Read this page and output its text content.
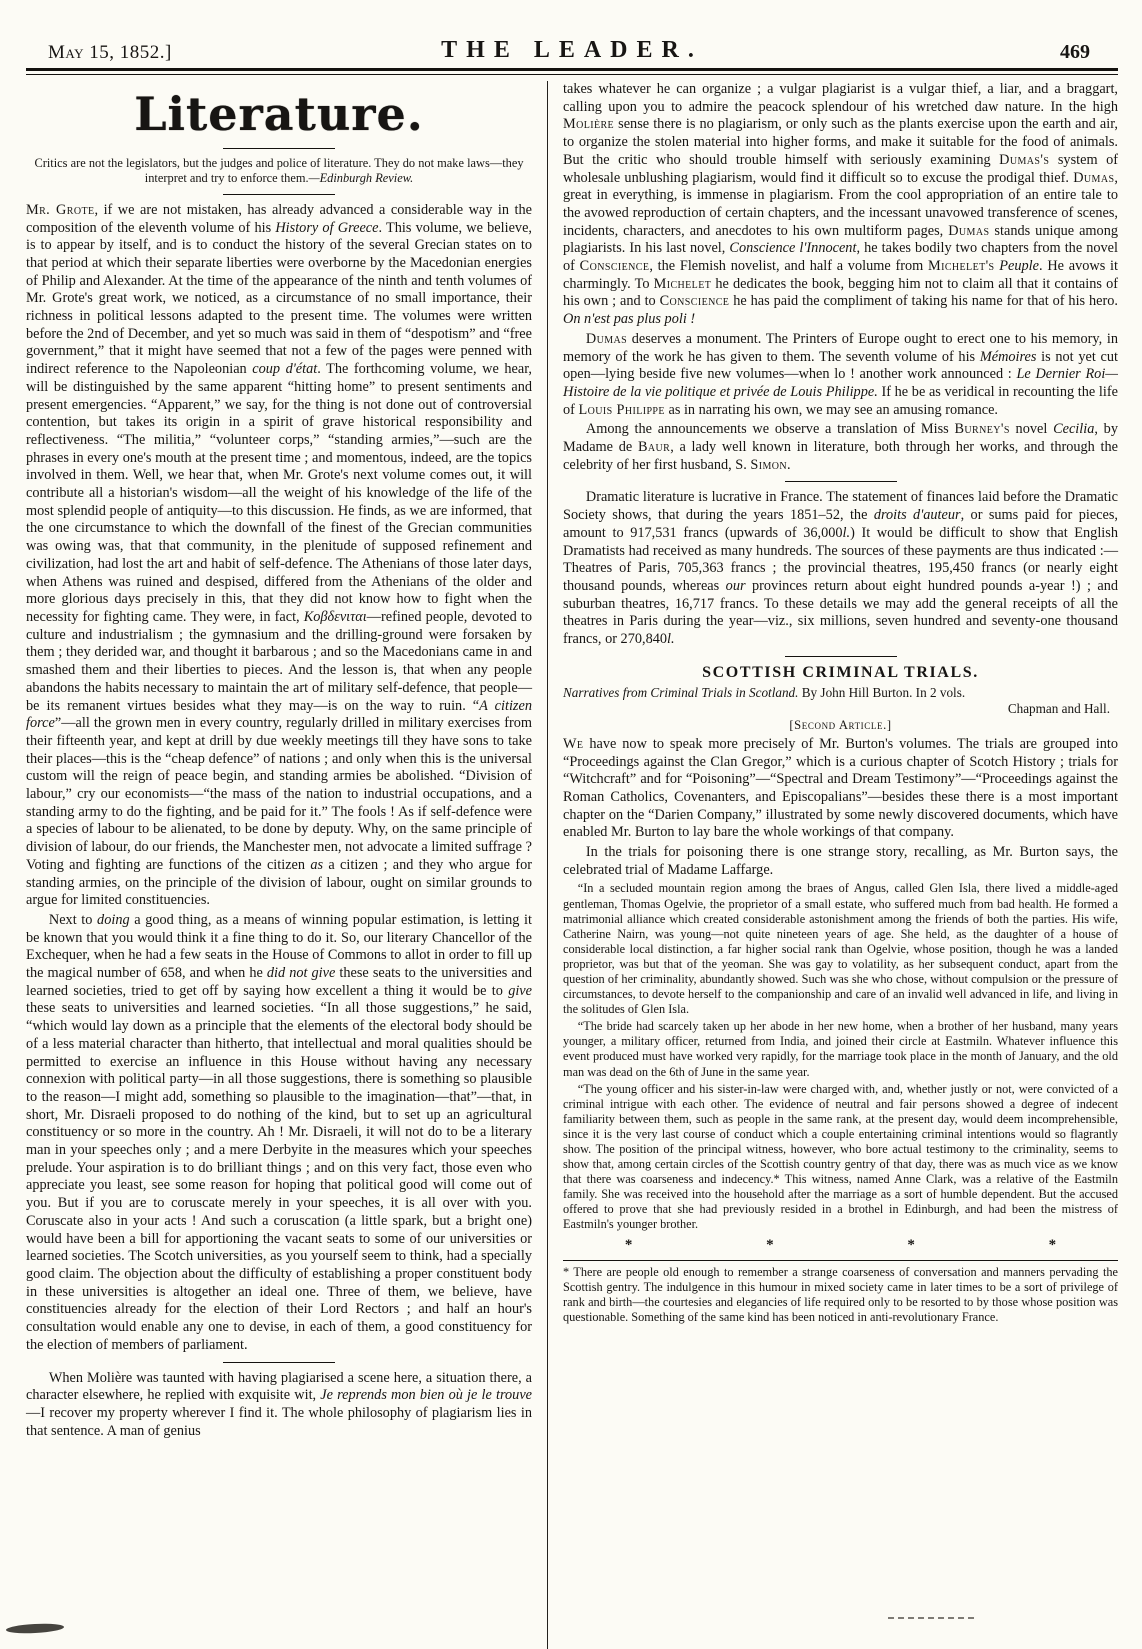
May 15, 1852.]	THE LEADER.	469
Literature.

Critics are not the legislators, but the judges and police of literature. They do not make laws—they interpret and try to enforce them.—Edinburgh Review.

Mr. Grote, if we are not mistaken, has already advanced a considerable way in the composition of the eleventh volume of his History of Greece. This volume, we believe, is to appear by itself, and is to conduct the history of the several Grecian states on to that period at which their separate liberties were overborne by the Macedonian energies of Philip and Alexander. At the time of the appearance of the ninth and tenth volumes of Mr. Grote's great work, we noticed, as a circumstance of no small importance, their richness in political lessons adapted to the present time. The volumes were written before the 2nd of December, and yet so much was said in them of “despotism” and “free government,” that it might have seemed that not a few of the pages were penned with indirect reference to the Napoleonian coup d'état. The forthcoming volume, we hear, will be distinguished by the same apparent “hitting home” to present sentiments and present emergencies. “Apparent,” we say, for the thing is not done out of controversial contention, but takes its origin in a spirit of grave historical responsibility and reflectiveness. “The militia,” “volunteer corps,” “standing armies,”—such are the phrases in every one's mouth at the present time ; and momentous, indeed, are the topics involved in them. Well, we hear that, when Mr. Grote's next volume comes out, it will contribute all a historian's wisdom—all the weight of his knowledge of the life of the most splendid people of antiquity—to this discussion. He finds, as we are informed, that the one circumstance to which the downfall of the finest of the Grecian communities was owing was, that that community, in the plenitude of supposed refinement and civilization, had lost the art and habit of self-defence. The Athenians of those later days, when Athens was ruined and despised, differed from the Athenians of the older and more glorious days precisely in this, that they did not know how to fight when the necessity for fighting came. They were, in fact, Κoβδενιται—refined people, devoted to culture and industrialism ; the gymnasium and the drilling-ground were forsaken by them ; they derided war, and thought it barbarous ; and so the Macedonians came in and smashed them and their liberties to pieces. And the lesson is, that when any people abandons the habits necessary to maintain the art of military self-defence, that people—be its remanent virtues besides what they may—is on the way to ruin. “A citizen force”—all the grown men in every country, regularly drilled in military exercises from their fifteenth year, and kept at drill by due weekly meetings till they have sons to take their places—this is the “cheap defence” of nations ; and only when this is the universal custom will the reign of peace begin, and standing armies be abolished. “Division of labour,” cry our economists—“the mass of the nation to industrial occupations, and a standing army to do the fighting, and be paid for it.” The fools ! As if self-defence were a species of labour to be alienated, to be done by deputy. Why, on the same principle of division of labour, do our friends, the Manchester men, not advocate a limited suffrage ? Voting and fighting are functions of the citizen as a citizen ; and they who argue for standing armies, on the principle of the division of labour, ought on similar grounds to argue for limited constituencies.

Next to doing a good thing, as a means of winning popular estimation, is letting it be known that you would think it a fine thing to do it. So, our literary Chancellor of the Exchequer, when he had a few seats in the House of Commons to allot in order to fill up the magical number of 658, and when he did not give these seats to the universities and learned societies, tried to get off by saying how excellent a thing it would be to give these seats to universities and learned societies. “In all those suggestions,” he said, “which would lay down as a principle that the elements of the electoral body should be of a less material character than hitherto, that intellectual and moral qualities should be permitted to exercise an influence in this House without having any necessary connexion with political party—in all those suggestions, there is something so plausible to the reason—I might add, something so plausible to the imagination—that”—that, in short, Mr. Disraeli proposed to do nothing of the kind, but to set up an agricultural constituency or so more in the country. Ah ! Mr. Disraeli, it will not do to be a literary man in your speeches only ; and a mere Derbyite in the measures which your speeches prelude. Your aspiration is to do brilliant things ; and on this very fact, those even who appreciate you least, see some reason for hoping that political good will come out of you. But if you are to coruscate merely in your speeches, it is all over with you. Coruscate also in your acts ! And such a coruscation (a little spark, but a bright one) would have been a bill for apportioning the vacant seats to some of our universities or learned societies. The Scotch universities, as you yourself seem to think, had a specially good claim. The objection about the difficulty of establishing a proper constituent body in these universities is altogether an ideal one. Three of them, we believe, have constituencies already for the election of their Lord Rectors ; and half an hour's consultation would enable any one to devise, in each of them, a good constituency for the election of members of parliament.

When Molière was taunted with having plagiarised a scene here, a situation there, a character elsewhere, he replied with exquisite wit, Je reprends mon bien où je le trouve—I recover my property wherever I find it. The whole philosophy of plagiarism lies in that sentence. A man of genius

takes whatever he can organize ; a vulgar plagiarist is a vulgar thief, a liar, and a braggart, calling upon you to admire the peacock splendour of his wretched daw nature. In the high Molière sense there is no plagiarism, or only such as the plants exercise upon the earth and air, to organize the stolen material into higher forms, and make it suitable for the food of animals. But the critic who should trouble himself with seriously examining Dumas's system of wholesale unblushing plagiarism, would find it difficult so to excuse the prodigal thief. Dumas, great in everything, is immense in plagiarism. From the cool appropriation of an entire tale to the avowed reproduction of certain chapters, and the incessant unavowed transference of scenes, incidents, characters, and anecdotes to his own multiform pages, Dumas stands unique among plagiarists. In his last novel, Conscience l'Innocent, he takes bodily two chapters from the novel of Conscience, the Flemish novelist, and half a volume from Michelet's Peuple. He avows it charmingly. To Michelet he dedicates the book, begging him not to claim all that it contains of his own ; and to Conscience he has paid the compliment of taking his name for that of his hero. On n'est pas plus poli !

Dumas deserves a monument. The Printers of Europe ought to erect one to his memory, in memory of the work he has given to them. The seventh volume of his Mémoires is not yet cut open—lying beside five new volumes—when lo ! another work announced : Le Dernier Roi—Histoire de la vie politique et privée de Louis Philippe. If he be as veridical in recounting the life of Louis Philippe as in narrating his own, we may see an amusing romance.

Among the announcements we observe a translation of Miss Burney's novel Cecilia, by Madame de Baur, a lady well known in literature, both through her works, and through the celebrity of her first husband, S. Simon.

Dramatic literature is lucrative in France. The statement of finances laid before the Dramatic Society shows, that during the years 1851–52, the droits d'auteur, or sums paid for pieces, amount to 917,531 francs (upwards of 36,000l.) It would be difficult to show that English Dramatists had received as many hundreds. The sources of these payments are thus indicated :—Theatres of Paris, 705,363 francs ; the provincial theatres, 195,450 francs (or nearly eight thousand pounds, whereas our provinces return about eight hundred pounds a-year !) ; and suburban theatres, 16,717 francs. To these details we may add the general receipts of all the theatres in Paris during the year—viz., six millions, seven hundred and seventy-one thousand francs, or 270,840l.

SCOTTISH CRIMINAL TRIALS.

Narratives from Criminal Trials in Scotland. By John Hill Burton. In 2 vols.
Chapman and Hall.

[Second Article.]

We have now to speak more precisely of Mr. Burton's volumes. The trials are grouped into “Proceedings against the Clan Gregor,” which is a curious chapter of Scotch History ; trials for “Witchcraft” and for “Poisoning”—“Spectral and Dream Testimony”—“Proceedings against the Roman Catholics, Covenanters, and Episcopalians”—besides these there is a most important chapter on the “Darien Company,” illustrated by some newly discovered documents, which have enabled Mr. Burton to lay bare the whole workings of that company.

In the trials for poisoning there is one strange story, recalling, as Mr. Burton says, the celebrated trial of Madame Laffarge.

“In a secluded mountain region among the braes of Angus, called Glen Isla, there lived a middle-aged gentleman, Thomas Ogelvie, the proprietor of a small estate, who suffered much from bad health. He formed a matrimonial alliance which created considerable astonishment among the friends of both the parties. His wife, Catherine Nairn, was young—not quite nineteen years of age. She held, as the daughter of a house of considerable local distinction, a far higher social rank than Ogelvie, whose position, though he was a landed proprietor, was but that of the yeoman. She was gay to volatility, as her subsequent conduct, apart from the question of her criminality, abundantly showed. Such was she who chose, without compulsion or the pressure of circumstances, to devote herself to the companionship and care of an invalid well advanced in life, and living in the solitudes of Glen Isla.

“The bride had scarcely taken up her abode in her new home, when a brother of her husband, many years younger, a military officer, returned from India, and joined their circle at Eastmiln. Whatever influence this event produced must have worked very rapidly, for the marriage took place in the month of January, and the old man was dead on the 6th of June in the same year.

“The young officer and his sister-in-law were charged with, and, whether justly or not, were convicted of a criminal intrigue with each other. The evidence of neutral and fair persons showed a degree of indecent familiarity between them, such as people in the same rank, at the present day, would deem incomprehensible, since it is the very last course of conduct which a couple entertaining criminal intentions would so flagrantly show. The position of the principal witness, however, who bore actual testimony to the criminality, seems to show that, among certain circles of the Scottish country gentry of that day, there was as much vice as we know that there was coarseness and indecency.* This witness, named Anne Clark, was a relative of the Eastmiln family. She was received into the household after the marriage as a sort of humble dependent. But the accused offered to prove that she had previously resided in a brothel in Edinburgh, and had been the mistress of Eastmiln's younger brother.

* * * *

* There are people old enough to remember a strange coarseness of conversation and manners pervading the Scottish gentry. The indulgence in this humour in mixed society came in later times to be a sort of privilege of rank and birth—the courtesies and elegancies of life required only to be resorted to by those whose position was questionable. Something of the same kind has been noticed in anti-revolutionary France.
